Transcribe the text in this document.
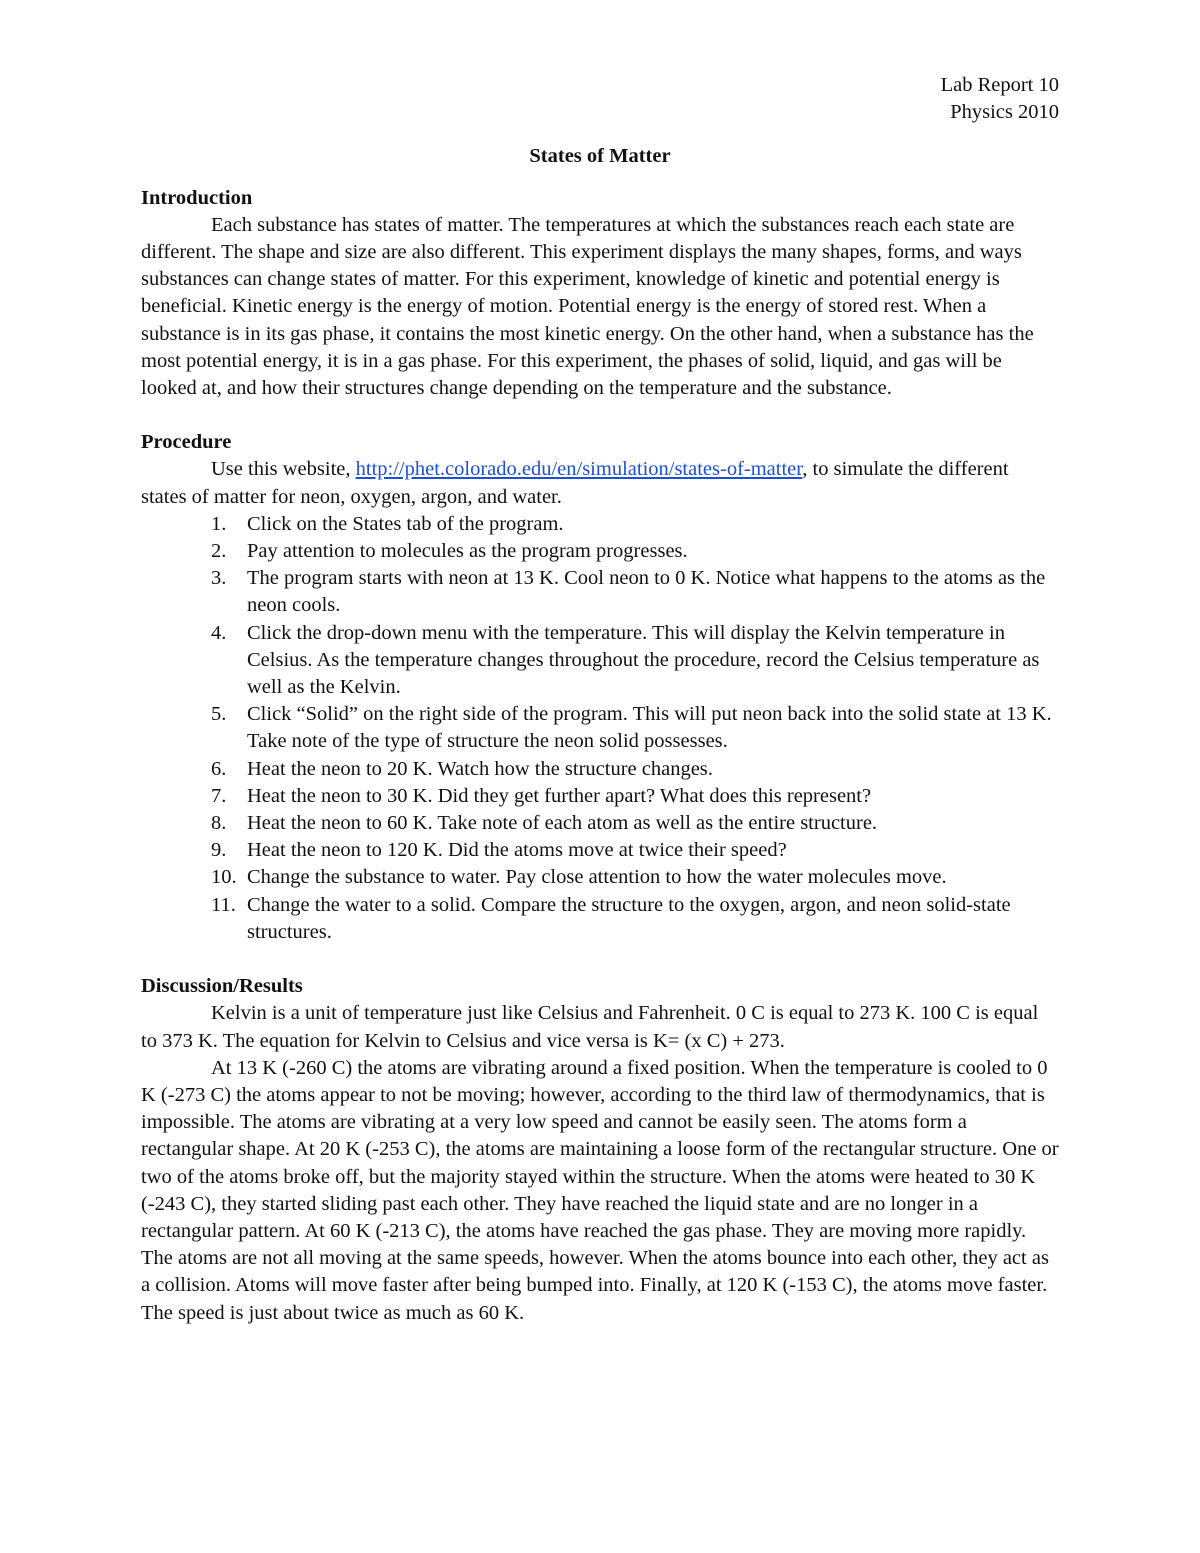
Lab Report 10
Physics 2010
States of Matter
Introduction

Each substance has states of matter. The temperatures at which the substances reach each state are different. The shape and size are also different. This experiment displays the many shapes, forms, and ways substances can change states of matter. For this experiment, knowledge of kinetic and potential energy is beneficial. Kinetic energy is the energy of motion. Potential energy is the energy of stored rest. When a substance is in its gas phase, it contains the most kinetic energy. On the other hand, when a substance has the most potential energy, it is in a gas phase. For this experiment, the phases of solid, liquid, and gas will be looked at, and how their structures change depending on the temperature and the substance.

Procedure

Use this website, http://phet.colorado.edu/en/simulation/states-of-matter, to simulate the different states of matter for neon, oxygen, argon, and water.

1.	Click on the States tab of the program.
2.	Pay attention to molecules as the program progresses.
3.	The program starts with neon at 13 K. Cool neon to 0 K. Notice what happens to the atoms as the neon cools.
4.	Click the drop-down menu with the temperature. This will display the Kelvin temperature in Celsius. As the temperature changes throughout the procedure, record the Celsius temperature as well as the Kelvin.
5.	Click “Solid” on the right side of the program. This will put neon back into the solid state at 13 K. Take note of the type of structure the neon solid possesses.
6.	Heat the neon to 20 K. Watch how the structure changes.
7.	Heat the neon to 30 K. Did they get further apart? What does this represent?
8.	Heat the neon to 60 K. Take note of each atom as well as the entire structure.
9.	Heat the neon to 120 K. Did the atoms move at twice their speed?
10. Change the substance to water. Pay close attention to how the water molecules move.
11. Change the water to a solid. Compare the structure to the oxygen, argon, and neon solid-state structures.
Discussion/Results

Kelvin is a unit of temperature just like Celsius and Fahrenheit. 0 C is equal to 273 K. 100 C is equal to 373 K. The equation for Kelvin to Celsius and vice versa is K= (x C) + 273.

At 13 K (-260 C) the atoms are vibrating around a fixed position. When the temperature is cooled to 0 K (-273 C) the atoms appear to not be moving; however, according to the third law of thermodynamics, that is impossible. The atoms are vibrating at a very low speed and cannot be easily seen. The atoms form a rectangular shape. At 20 K (-253 C), the atoms are maintaining a loose form of the rectangular structure. One or two of the atoms broke off, but the majority stayed within the structure. When the atoms were heated to 30 K (-243 C), they started sliding past each other. They have reached the liquid state and are no longer in a rectangular pattern. At 60 K (-213 C), the atoms have reached the gas phase. They are moving more rapidly. The atoms are not all moving at the same speeds, however. When the atoms bounce into each other, they act as a collision. Atoms will move faster after being bumped into. Finally, at 120 K (-153 C), the atoms move faster. The speed is just about twice as much as 60 K.
